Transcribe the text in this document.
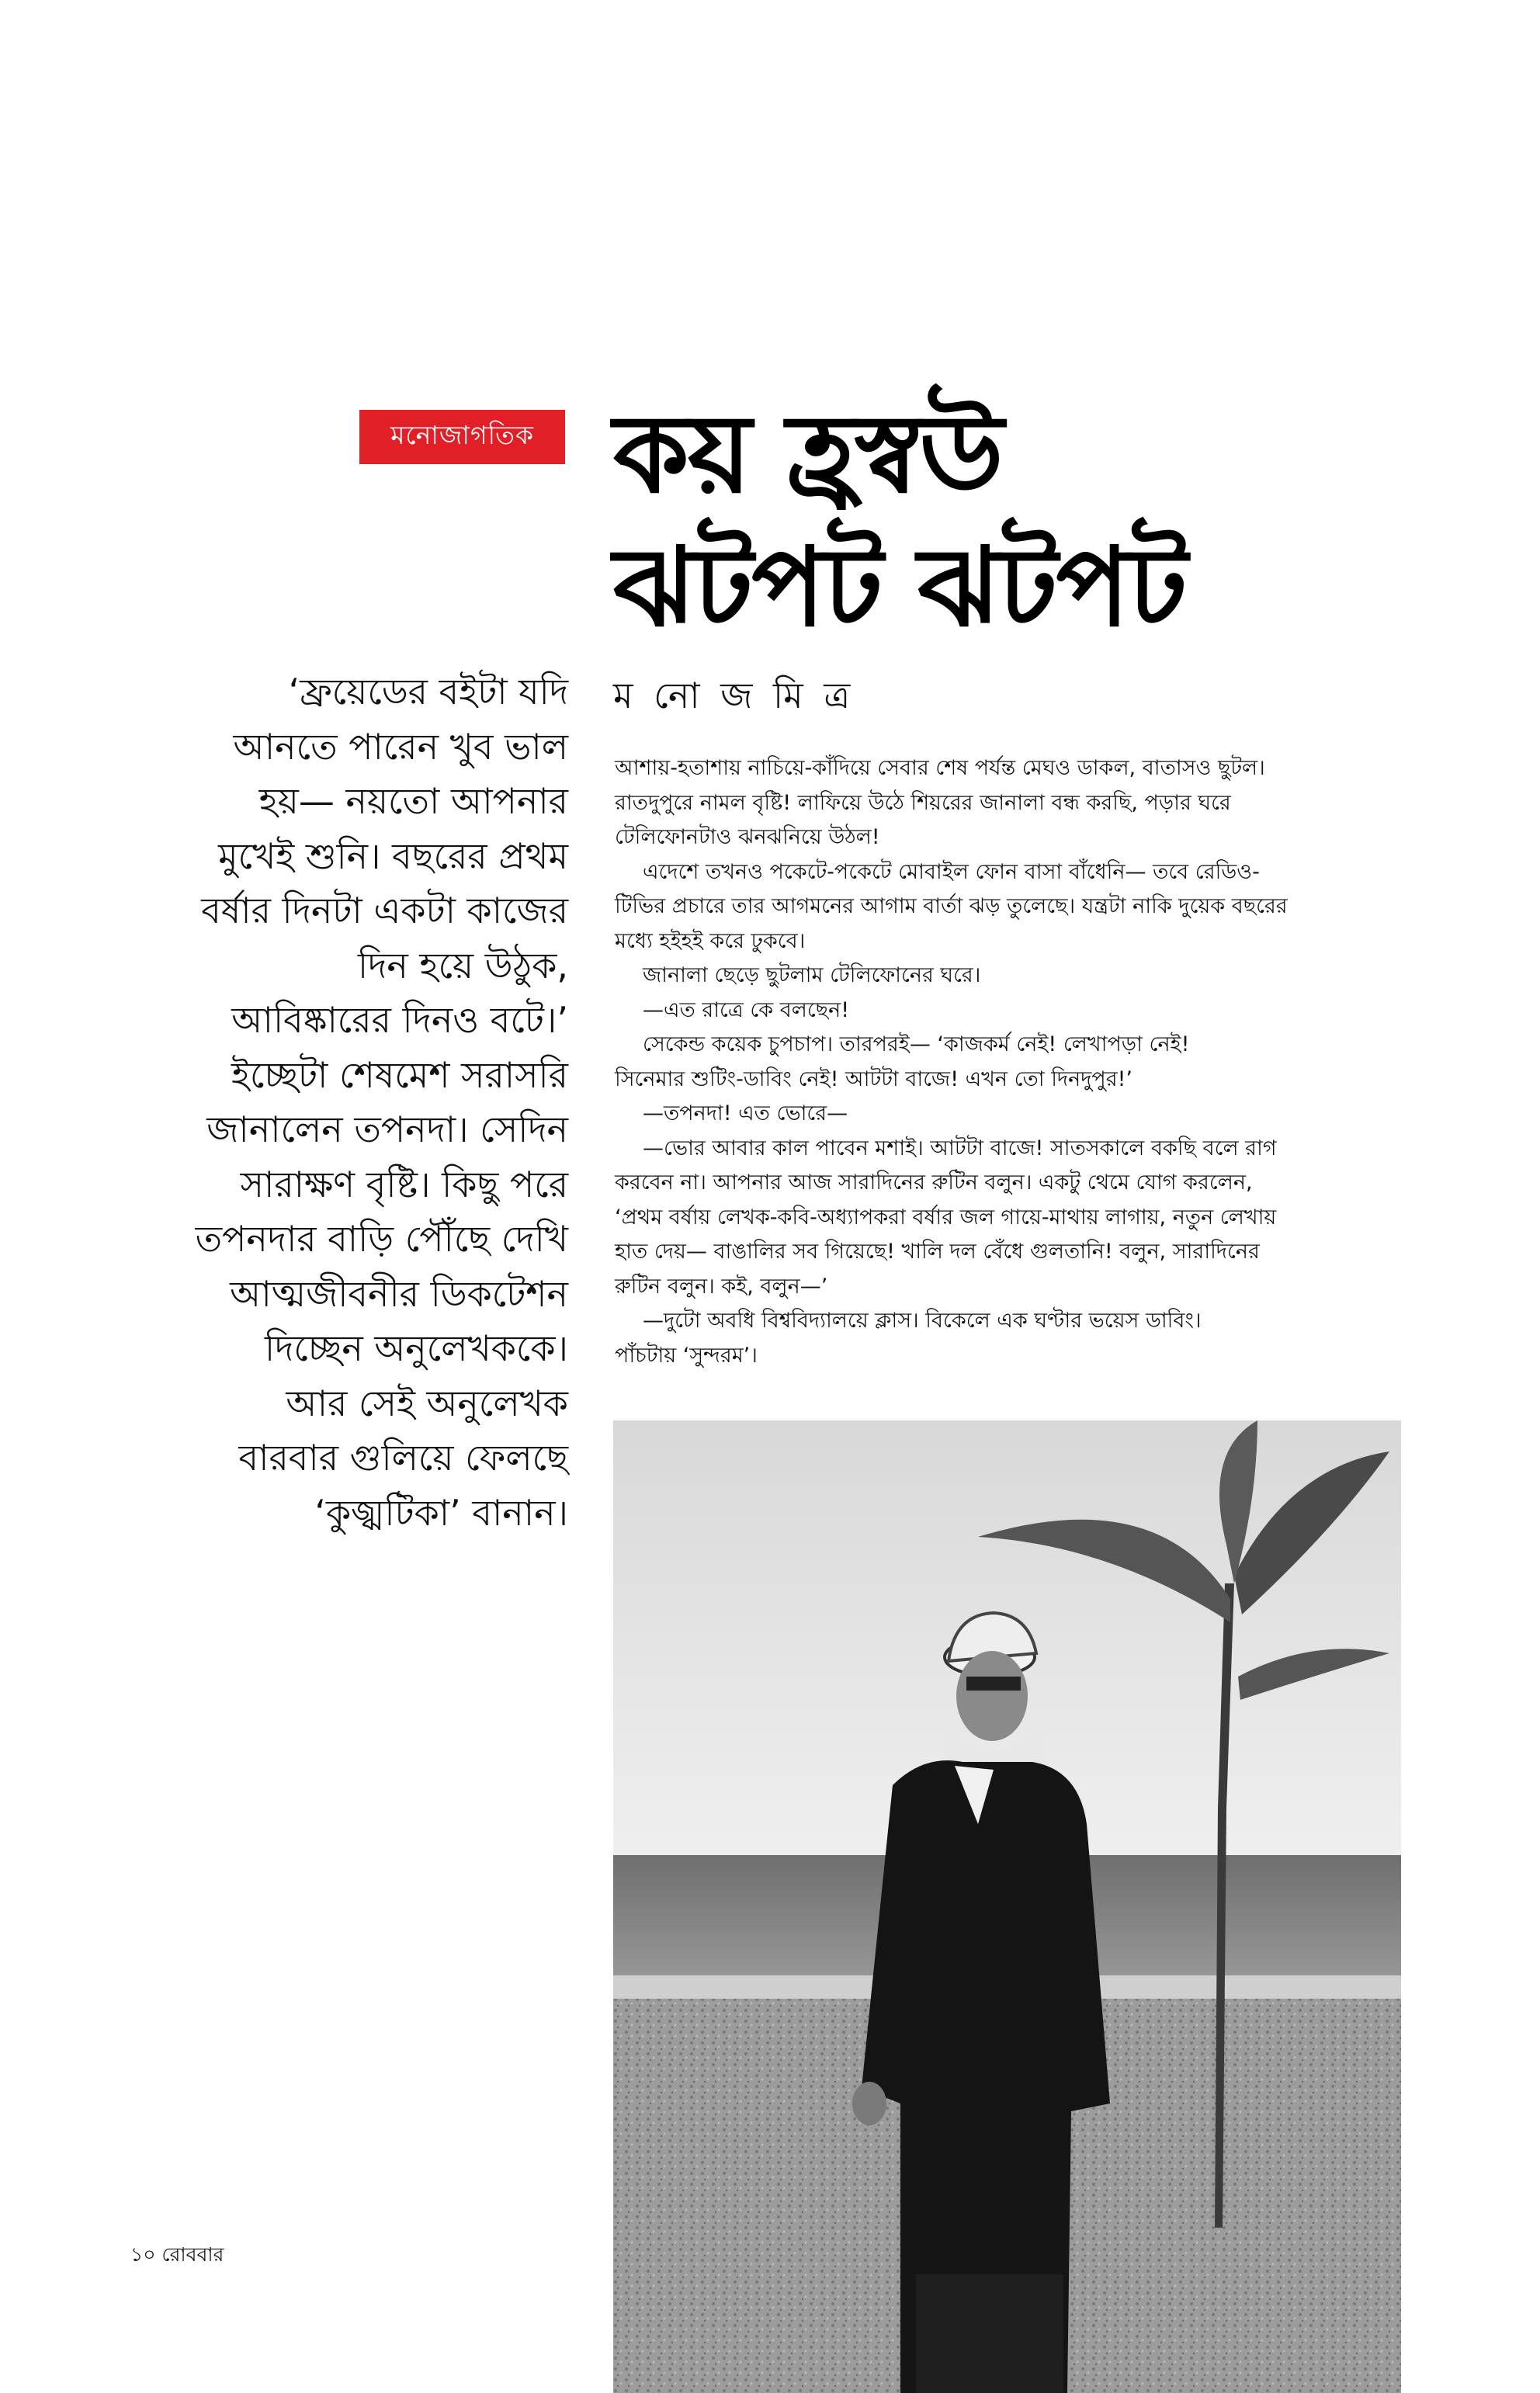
মনোজাগতিক কয় হ্রস্বউ
ঝটপট ঝটপট
‘ফ্রয়েডের বইটা যদি
আনতে পারেন খুব ভাল
হয়— নয়তো আপনার
মুখেই শুনি। বছরের প্রথম
বর্ষার দিনটা একটা কাজের
দিন হয়ে উঠুক,
আবিষ্কারের দিনও বটে।’
ইচ্ছেটা শেষমেশ সরাসরি
জানালেন তপনদা। সেদিন
সারাক্ষণ বৃষ্টি। কিছু পরে
তপনদার বাড়ি পৌঁছে দেখি
আত্মজীবনীর ডিকটেশন
দিচ্ছেন অনুলেখককে।
আর সেই অনুলেখক
বারবার গুলিয়ে ফেলছে
‘কুজ্ঝটিকা’ বানান।
ম নো জ মি ত্র
আশায়-হতাশায় নাচিয়ে-কাঁদিয়ে সেবার শেষ পর্যন্ত মেঘও ডাকল, বাতাসও ছুটল।
রাতদুপুরে নামল বৃষ্টি! লাফিয়ে উঠে শিয়রের জানালা বন্ধ করছি, পড়ার ঘরে
টেলিফোনটাও ঝনঝনিয়ে উঠল!
এদেশে তখনও পকেটে-পকেটে মোবাইল ফোন বাসা বাঁধেনি— তবে রেডিও-
টিভির প্রচারে তার আগমনের আগাম বার্তা ঝড় তুলেছে। যন্ত্রটা নাকি দুয়েক বছরের
মধ্যে হইহই করে ঢুকবে।
জানালা ছেড়ে ছুটলাম টেলিফোনের ঘরে।
—এত রাত্রে কে বলছেন!
সেকেন্ড কয়েক চুপচাপ। তারপরই— ‘কাজকর্ম নেই! লেখাপড়া নেই!
সিনেমার শুটিং-ডাবিং নেই! আটটা বাজে! এখন তো দিনদুপুর!’
—তপনদা! এত ভোরে—
—ভোর আবার কাল পাবেন মশাই। আটটা বাজে! সাতসকালে বকছি বলে রাগ
করবেন না। আপনার আজ সারাদিনের রুটিন বলুন। একটু থেমে যোগ করলেন,
‘প্রথম বর্ষায় লেখক-কবি-অধ্যাপকরা বর্ষার জল গায়ে-মাথায় লাগায়, নতুন লেখায়
হাত দেয়— বাঙালির সব গিয়েছে! খালি দল বেঁধে গুলতানি! বলুন, সারাদিনের
রুটিন বলুন। কই, বলুন—’
—দুটো অবধি বিশ্ববিদ্যালয়ে ক্লাস। বিকেলে এক ঘণ্টার ভয়েস ডাবিং।
পাঁচটায় ‘সুন্দরম’।
১০ রোববার
